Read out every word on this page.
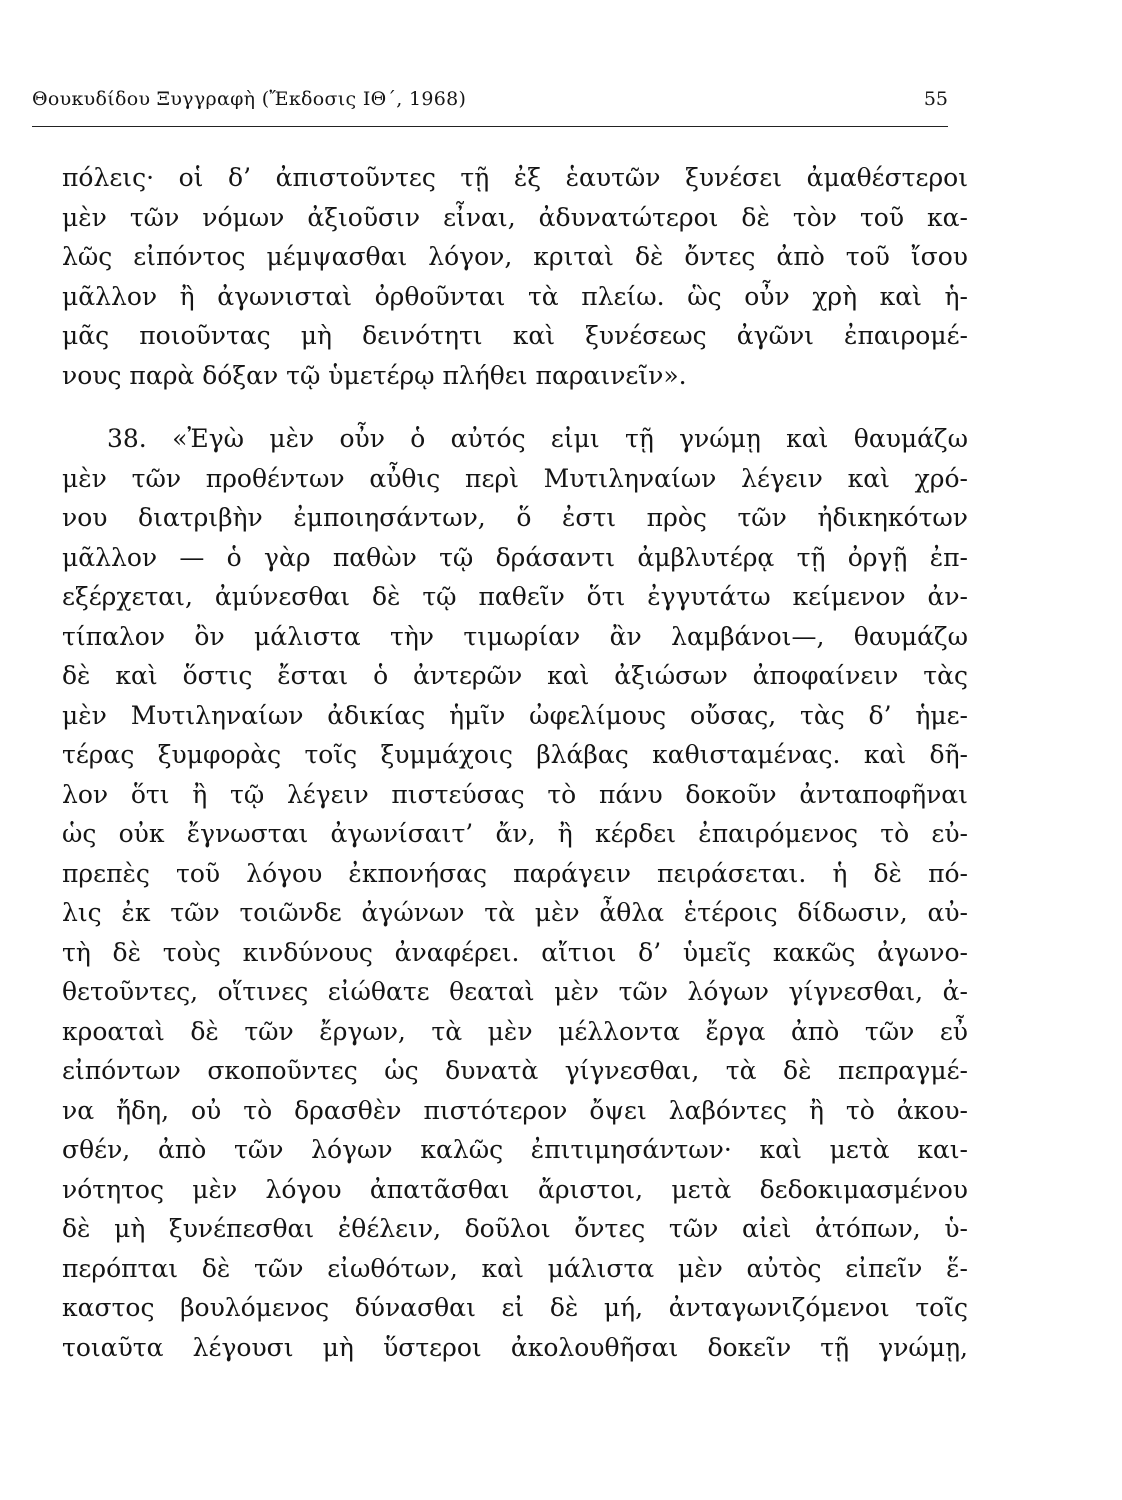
Θουκυδίδου Ξυγγραφὴ (Ἔκδοσις ΙΘ΄, 1968)	55
πόλεις· οἱ δ’ ἀπιστοῦντες τῇ ἐξ ἑαυτῶν ξυνέσει ἀμαθέστεροι
μὲν τῶν νόμων ἀξιοῦσιν εἶναι, ἀδυνατώτεροι δὲ τὸν τοῦ κα-
λῶς εἰπόντος μέμψασθαι λόγον, κριταὶ δὲ ὄντες ἀπὸ τοῦ ἴσου
μᾶλλον ἢ ἀγωνισταὶ ὀρθοῦνται τὰ πλείω. ὣς οὖν χρὴ καὶ ἡ-
μᾶς ποιοῦντας μὴ δεινότητι καὶ ξυνέσεως ἀγῶνι ἐπαιρομέ-
νους παρὰ δόξαν τῷ ὑμετέρῳ πλήθει παραινεῖν».
38. «Ἐγὼ μὲν οὖν ὁ αὐτός εἰμι τῇ γνώμῃ καὶ θαυμάζω
μὲν τῶν προθέντων αὖθις περὶ Μυτιληναίων λέγειν καὶ χρό-
νου διατριβὴν ἐμποιησάντων, ὅ ἐστι πρὸς τῶν ἠδικηκότων
μᾶλλον — ὁ γὰρ παθὼν τῷ δράσαντι ἀμβλυτέρᾳ τῇ ὀργῇ ἐπ-
εξέρχεται, ἀμύνεσθαι δὲ τῷ παθεῖν ὅτι ἐγγυτάτω κείμενον ἀν-
τίπαλον ὂν μάλιστα τὴν τιμωρίαν ἂν λαμβάνοι—, θαυμάζω
δὲ καὶ ὅστις ἔσται ὁ ἀντερῶν καὶ ἀξιώσων ἀποφαίνειν τὰς
μὲν Μυτιληναίων ἀδικίας ἡμῖν ὠφελίμους οὔσας, τὰς δ’ ἡμε-
τέρας ξυμφορὰς τοῖς ξυμμάχοις βλάβας καθισταμένας. καὶ δῆ-
λον ὅτι ἢ τῷ λέγειν πιστεύσας τὸ πάνυ δοκοῦν ἀνταποφῆναι
ὡς οὐκ ἔγνωσται ἀγωνίσαιτ’ ἄν, ἢ κέρδει ἐπαιρόμενος τὸ εὐ-
πρεπὲς τοῦ λόγου ἐκπονήσας παράγειν πειράσεται. ἡ δὲ πό-
λις ἐκ τῶν τοιῶνδε ἀγώνων τὰ μὲν ἆθλα ἑτέροις δίδωσιν, αὐ-
τὴ δὲ τοὺς κινδύνους ἀναφέρει. αἴτιοι δ’ ὑμεῖς κακῶς ἀγωνο-
θετοῦντες, οἵτινες εἰώθατε θεαταὶ μὲν τῶν λόγων γίγνεσθαι, ἀ-
κροαταὶ δὲ τῶν ἔργων, τὰ μὲν μέλλοντα ἔργα ἀπὸ τῶν εὖ
εἰπόντων σκοποῦντες ὡς δυνατὰ γίγνεσθαι, τὰ δὲ πεπραγμέ-
να ἤδη, οὐ τὸ δρασθὲν πιστότερον ὄψει λαβόντες ἢ τὸ ἀκου-
σθέν, ἀπὸ τῶν λόγων καλῶς ἐπιτιμησάντων· καὶ μετὰ και-
νότητος μὲν λόγου ἀπατᾶσθαι ἄριστοι, μετὰ δεδοκιμασμένου
δὲ μὴ ξυνέπεσθαι ἐθέλειν, δοῦλοι ὄντες τῶν αἰεὶ ἀτόπων, ὑ-
περόπται δὲ τῶν εἰωθότων, καὶ μάλιστα μὲν αὐτὸς εἰπεῖν ἕ-
καστος βουλόμενος δύνασθαι εἰ δὲ μή, ἀνταγωνιζόμενοι τοῖς
τοιαῦτα λέγουσι μὴ ὕστεροι ἀκολουθῆσαι δοκεῖν τῇ γνώμῃ,
